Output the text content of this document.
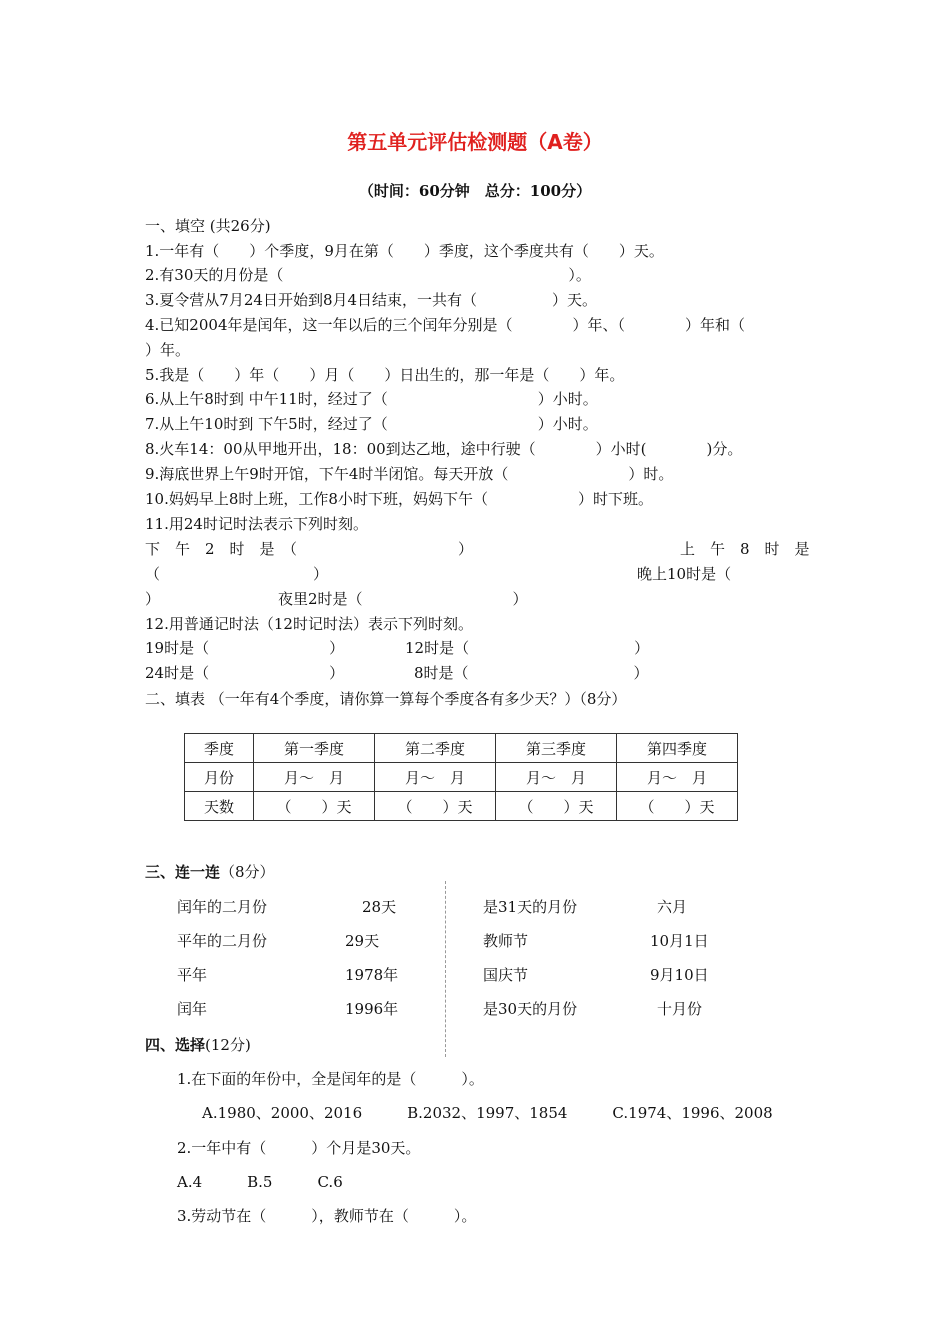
第五单元评估检测题（A卷）
（时间：60分钟　总分：100分）
一、填空 (共26分)
1.一年有（　　）个季度，9月在第（　　）季度，这个季度共有（　　）天。
2.有30天的月份是（　　　　　　　　　　　　　　　　　　　）。
3.夏令营从7月24日开始到8月4日结束，一共有（　　　　　）天。
4.已知2004年是闰年，这一年以后的三个闰年分别是（　　　　）年、（　　　　）年和（
）年。
5.我是（　　）年（　　）月（　　）日出生的，那一年是（　　）年。
6.从上午8时到 中午11时，经过了（　　　　　　　　　　）小时。
7.从上午10时到 下午5时，经过了（　　　　　　　　　　）小时。
8.火车14：00从甲地开出，18：00到达乙地，途中行驶（　　　　）小时(　　　　)分。
9.海底世界上午9时开馆，下午4时半闭馆。每天开放（　　　　　　　　）时。
10.妈妈早上8时上班，工作8小时下班，妈妈下午（　　　　　　）时下班。
11.用24时记时法表示下列时刻。
下　午　2　时　是　（	）	上　午　8　时　是
（	）	晚上10时是（
）	夜里2时是（　　　　　　　　　　）
12.用普通记时法（12时记时法）表示下列时刻。
19时是（　　　　　　　　）	12时是（　　　　　　　　　　　）
24时是（　　　　　　　　）	8时是（　　　　　　　　　　　）
二、填表 （一年有4个季度，请你算一算每个季度各有多少天？）（8分）
季度	第一季度	第二季度	第三季度	第四季度
月份	月～　月	月～　月	月～　月	月～　月
天数	（　　）天	（　　）天	（　　）天	（　　）天
三、连一连（8分）
闰年的二月份
平年的二月份
平年
闰年
28天
29天
1978年
1996年
是31天的月份
教师节
国庆节
是30天的月份
六月
10月1日
9月10日
十月份
四、选择(12分)
1.在下面的年份中，全是闰年的是（　　　）。
A.1980、2000、2016　　　B.2032、1997、1854　　　C.1974、1996、2008
2.一年中有（　　　）个月是30天。
A.4　　　B.5　　　C.6
3.劳动节在（　　　），教师节在（　　　）。
